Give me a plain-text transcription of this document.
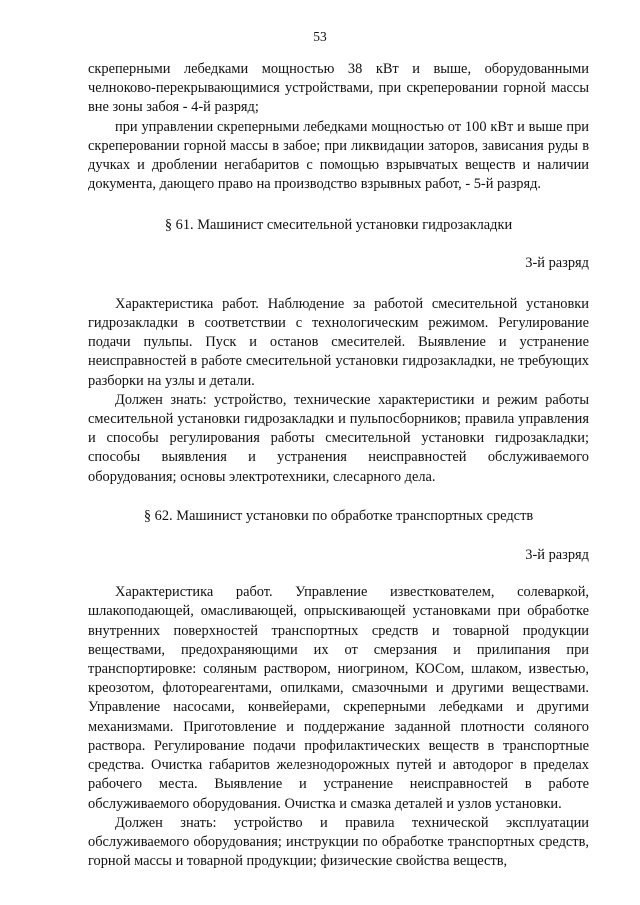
53

скреперными лебедками мощностью 38 кВт и выше, оборудованными челноково-перекрывающимися устройствами, при скреперовании горной массы вне зоны забоя - 4-й разряд;

при управлении скреперными лебедками мощностью от 100 кВт и выше при скреперовании горной массы в забое; при ликвидации заторов, зависания руды в дучках и дроблении негабаритов с помощью взрывчатых веществ и наличии документа, дающего право на производство взрывных работ, - 5-й разряд.

§ 61. Машинист смесительной установки гидрозакладки

3-й разряд

Характеристика работ. Наблюдение за работой смесительной установки гидрозакладки в соответствии с технологическим режимом. Регулирование подачи пульпы. Пуск и останов смесителей. Выявление и устранение неисправностей в работе смесительной установки гидрозакладки, не требующих разборки на узлы и детали.

Должен знать: устройство, технические характеристики и режим работы смесительной установки гидрозакладки и пульпосборников; правила управления и способы регулирования работы смесительной установки гидрозакладки; способы выявления и устранения неисправностей обслуживаемого оборудования; основы электротехники, слесарного дела.

§ 62. Машинист установки по обработке транспортных средств

3-й разряд

Характеристика работ. Управление известкователем, солеваркой, шлакоподающей, омасливающей, опрыскивающей установками при обработке внутренних поверхностей транспортных средств и товарной продукции веществами, предохраняющими их от смерзания и прилипания при транспортировке: соляным раствором, ниогрином, КОСом, шлаком, известью, креозотом, флотореагентами, опилками, смазочными и другими веществами. Управление насосами, конвейерами, скреперными лебедками и другими механизмами. Приготовление и поддержание заданной плотности соляного раствора. Регулирование подачи профилактических веществ в транспортные средства. Очистка габаритов железнодорожных путей и автодорог в пределах рабочего места. Выявление и устранение неисправностей в работе обслуживаемого оборудования. Очистка и смазка деталей и узлов установки.

Должен знать: устройство и правила технической эксплуатации обслуживаемого оборудования; инструкции по обработке транспортных средств, горной массы и товарной продукции; физические свойства веществ,
